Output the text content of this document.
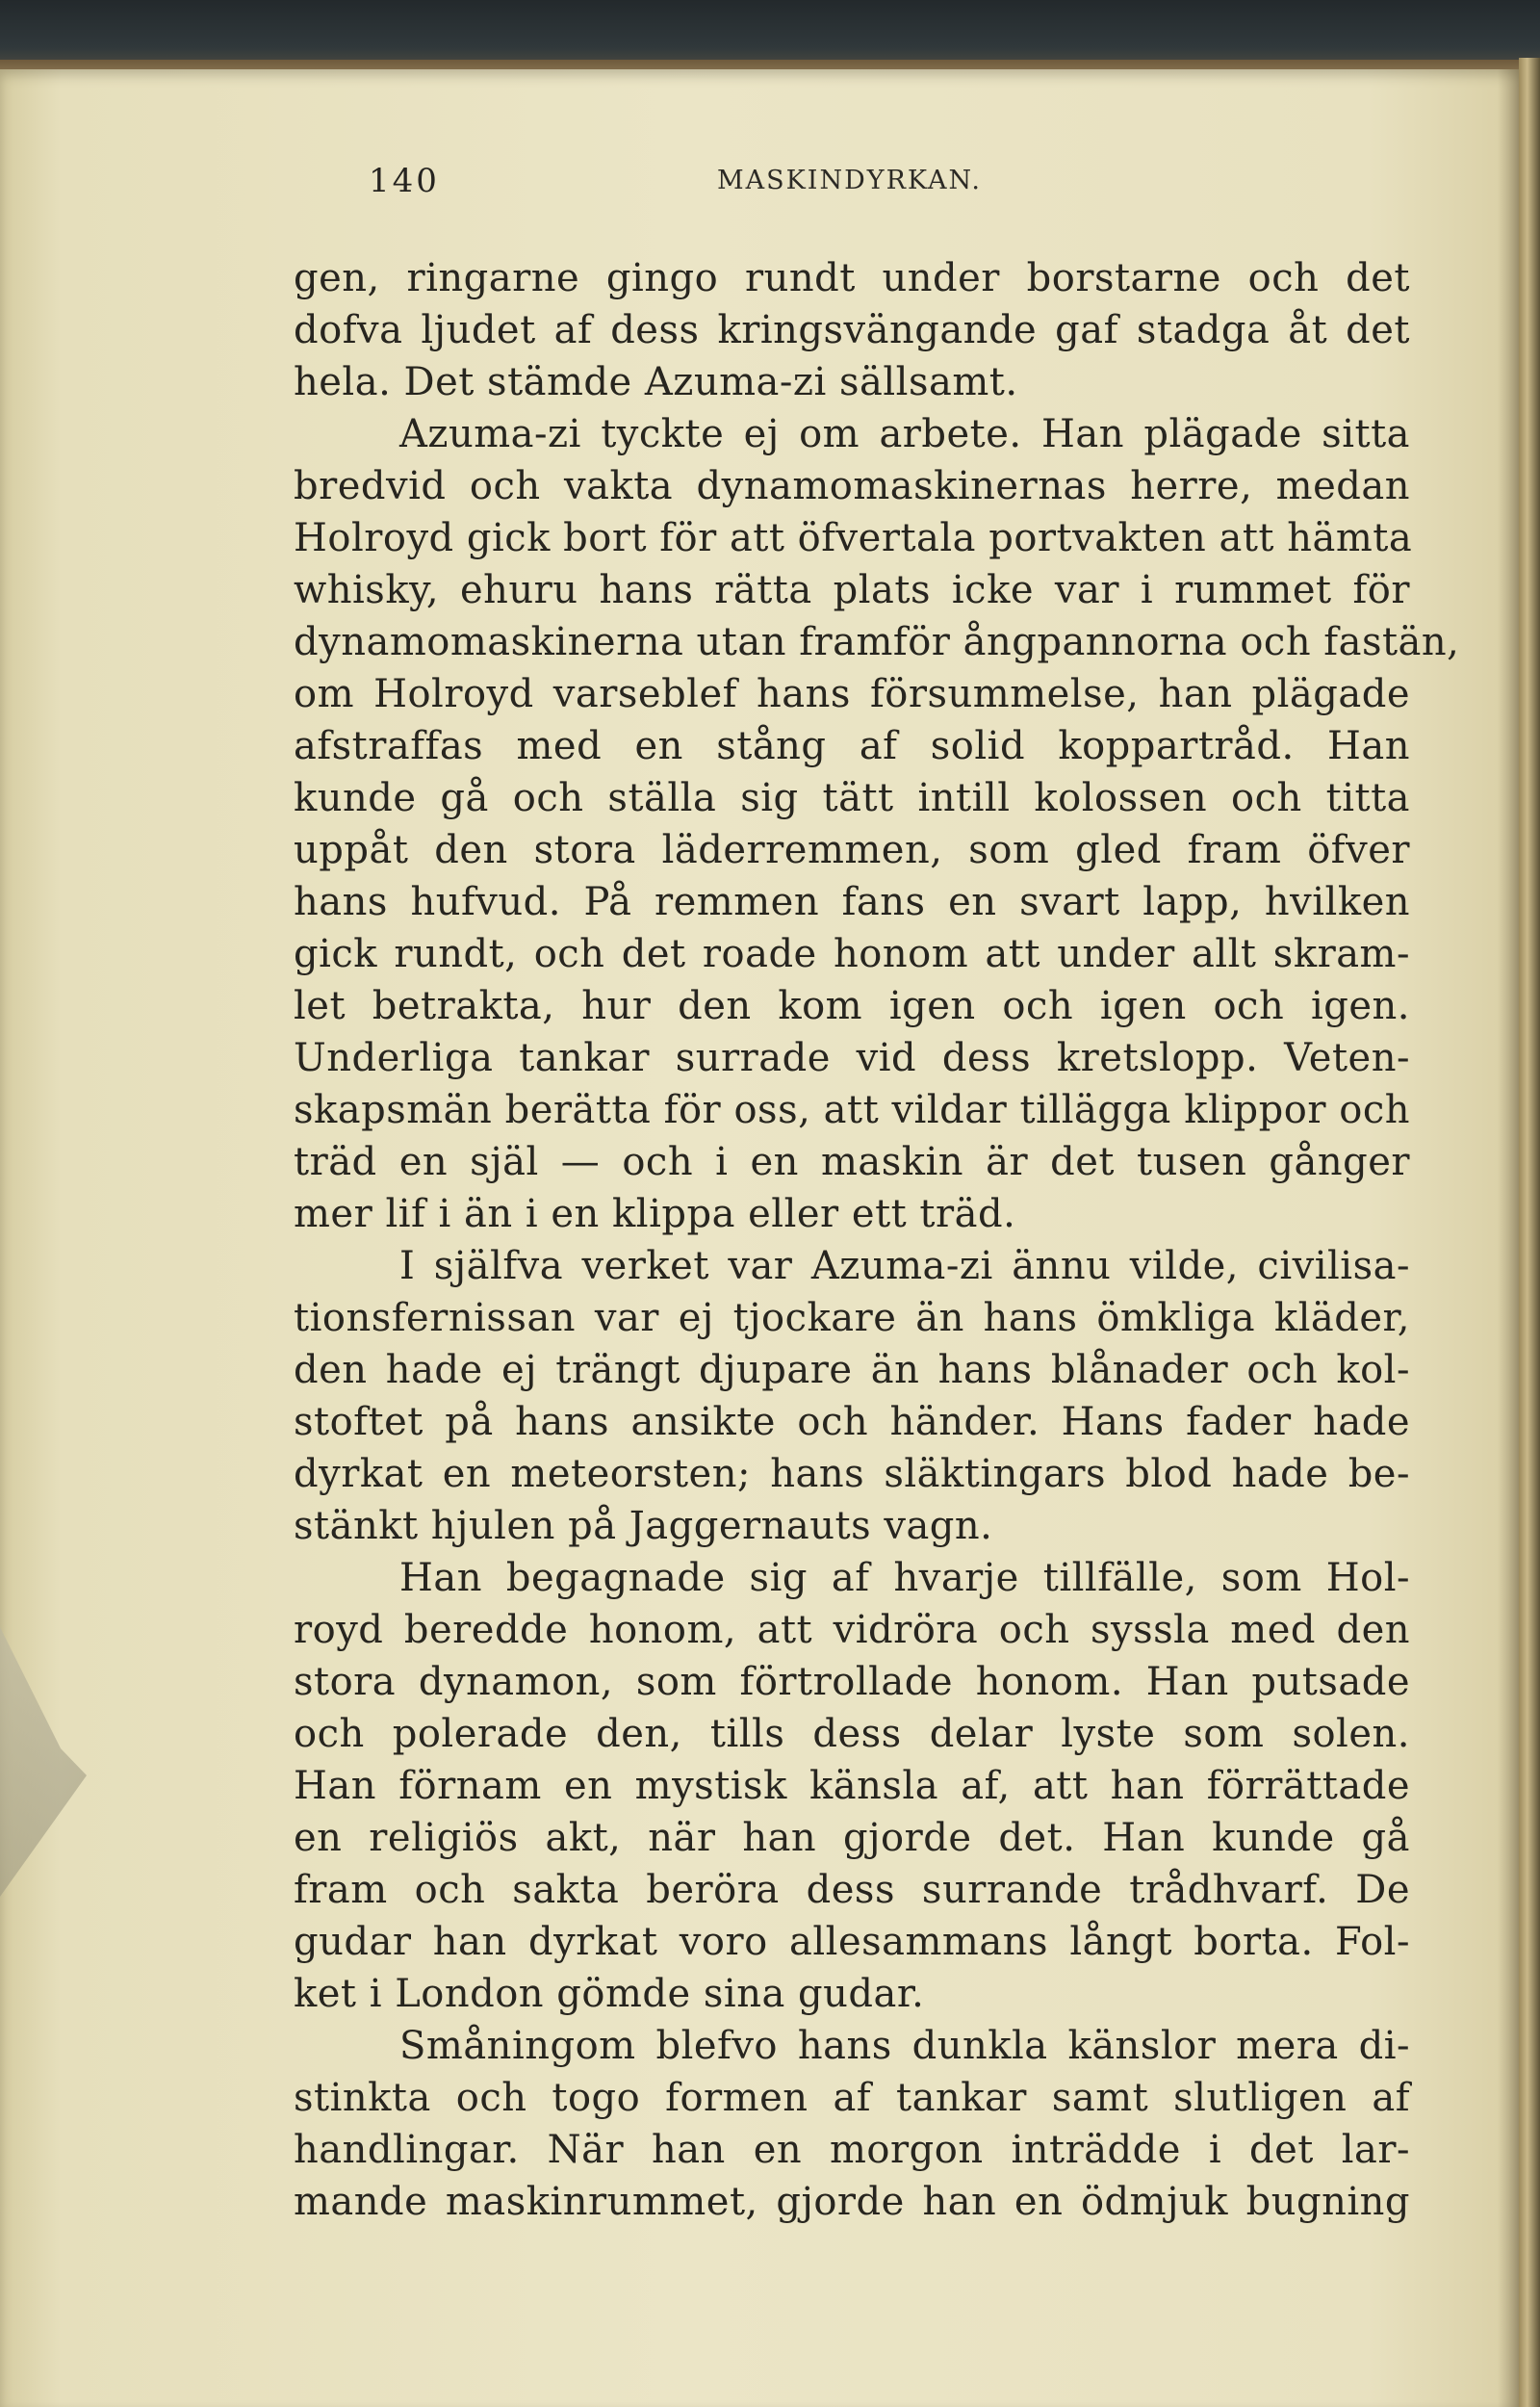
140	MASKINDYRKAN.
gen, ringarne gingo rundt under borstarne och det
dofva ljudet af dess kringsvängande gaf stadga åt det
hela. Det stämde Azuma-zi sällsamt.
Azuma-zi tyckte ej om arbete. Han plägade sitta
bredvid och vakta dynamomaskinernas herre, medan
Holroyd gick bort för att öfvertala portvakten att hämta
whisky, ehuru hans rätta plats icke var i rummet för
dynamomaskinerna utan framför ångpannorna och fastän,
om Holroyd varseblef hans försummelse, han plägade
afstraffas med en stång af solid koppartråd. Han
kunde gå och ställa sig tätt intill kolossen och titta
uppåt den stora läderremmen, som gled fram öfver
hans hufvud. På remmen fans en svart lapp, hvilken
gick rundt, och det roade honom att under allt skram-
let betrakta, hur den kom igen och igen och igen.
Underliga tankar surrade vid dess kretslopp. Veten-
skapsmän berätta för oss, att vildar tillägga klippor och
träd en själ — och i en maskin är det tusen gånger
mer lif i än i en klippa eller ett träd.
I själfva verket var Azuma-zi ännu vilde, civilisa-
tionsfernissan var ej tjockare än hans ömkliga kläder,
den hade ej trängt djupare än hans blånader och kol-
stoftet på hans ansikte och händer. Hans fader hade
dyrkat en meteorsten; hans släktingars blod hade be-
stänkt hjulen på Jaggernauts vagn.
Han begagnade sig af hvarje tillfälle, som Hol-
royd beredde honom, att vidröra och syssla med den
stora dynamon, som förtrollade honom. Han putsade
och polerade den, tills dess delar lyste som solen.
Han förnam en mystisk känsla af, att han förrättade
en religiös akt, när han gjorde det. Han kunde gå
fram och sakta beröra dess surrande trådhvarf. De
gudar han dyrkat voro allesammans långt borta. Fol-
ket i London gömde sina gudar.
Småningom blefvo hans dunkla känslor mera di-
stinkta och togo formen af tankar samt slutligen af
handlingar. När han en morgon inträdde i det lar-
mande maskinrummet, gjorde han en ödmjuk bugning
